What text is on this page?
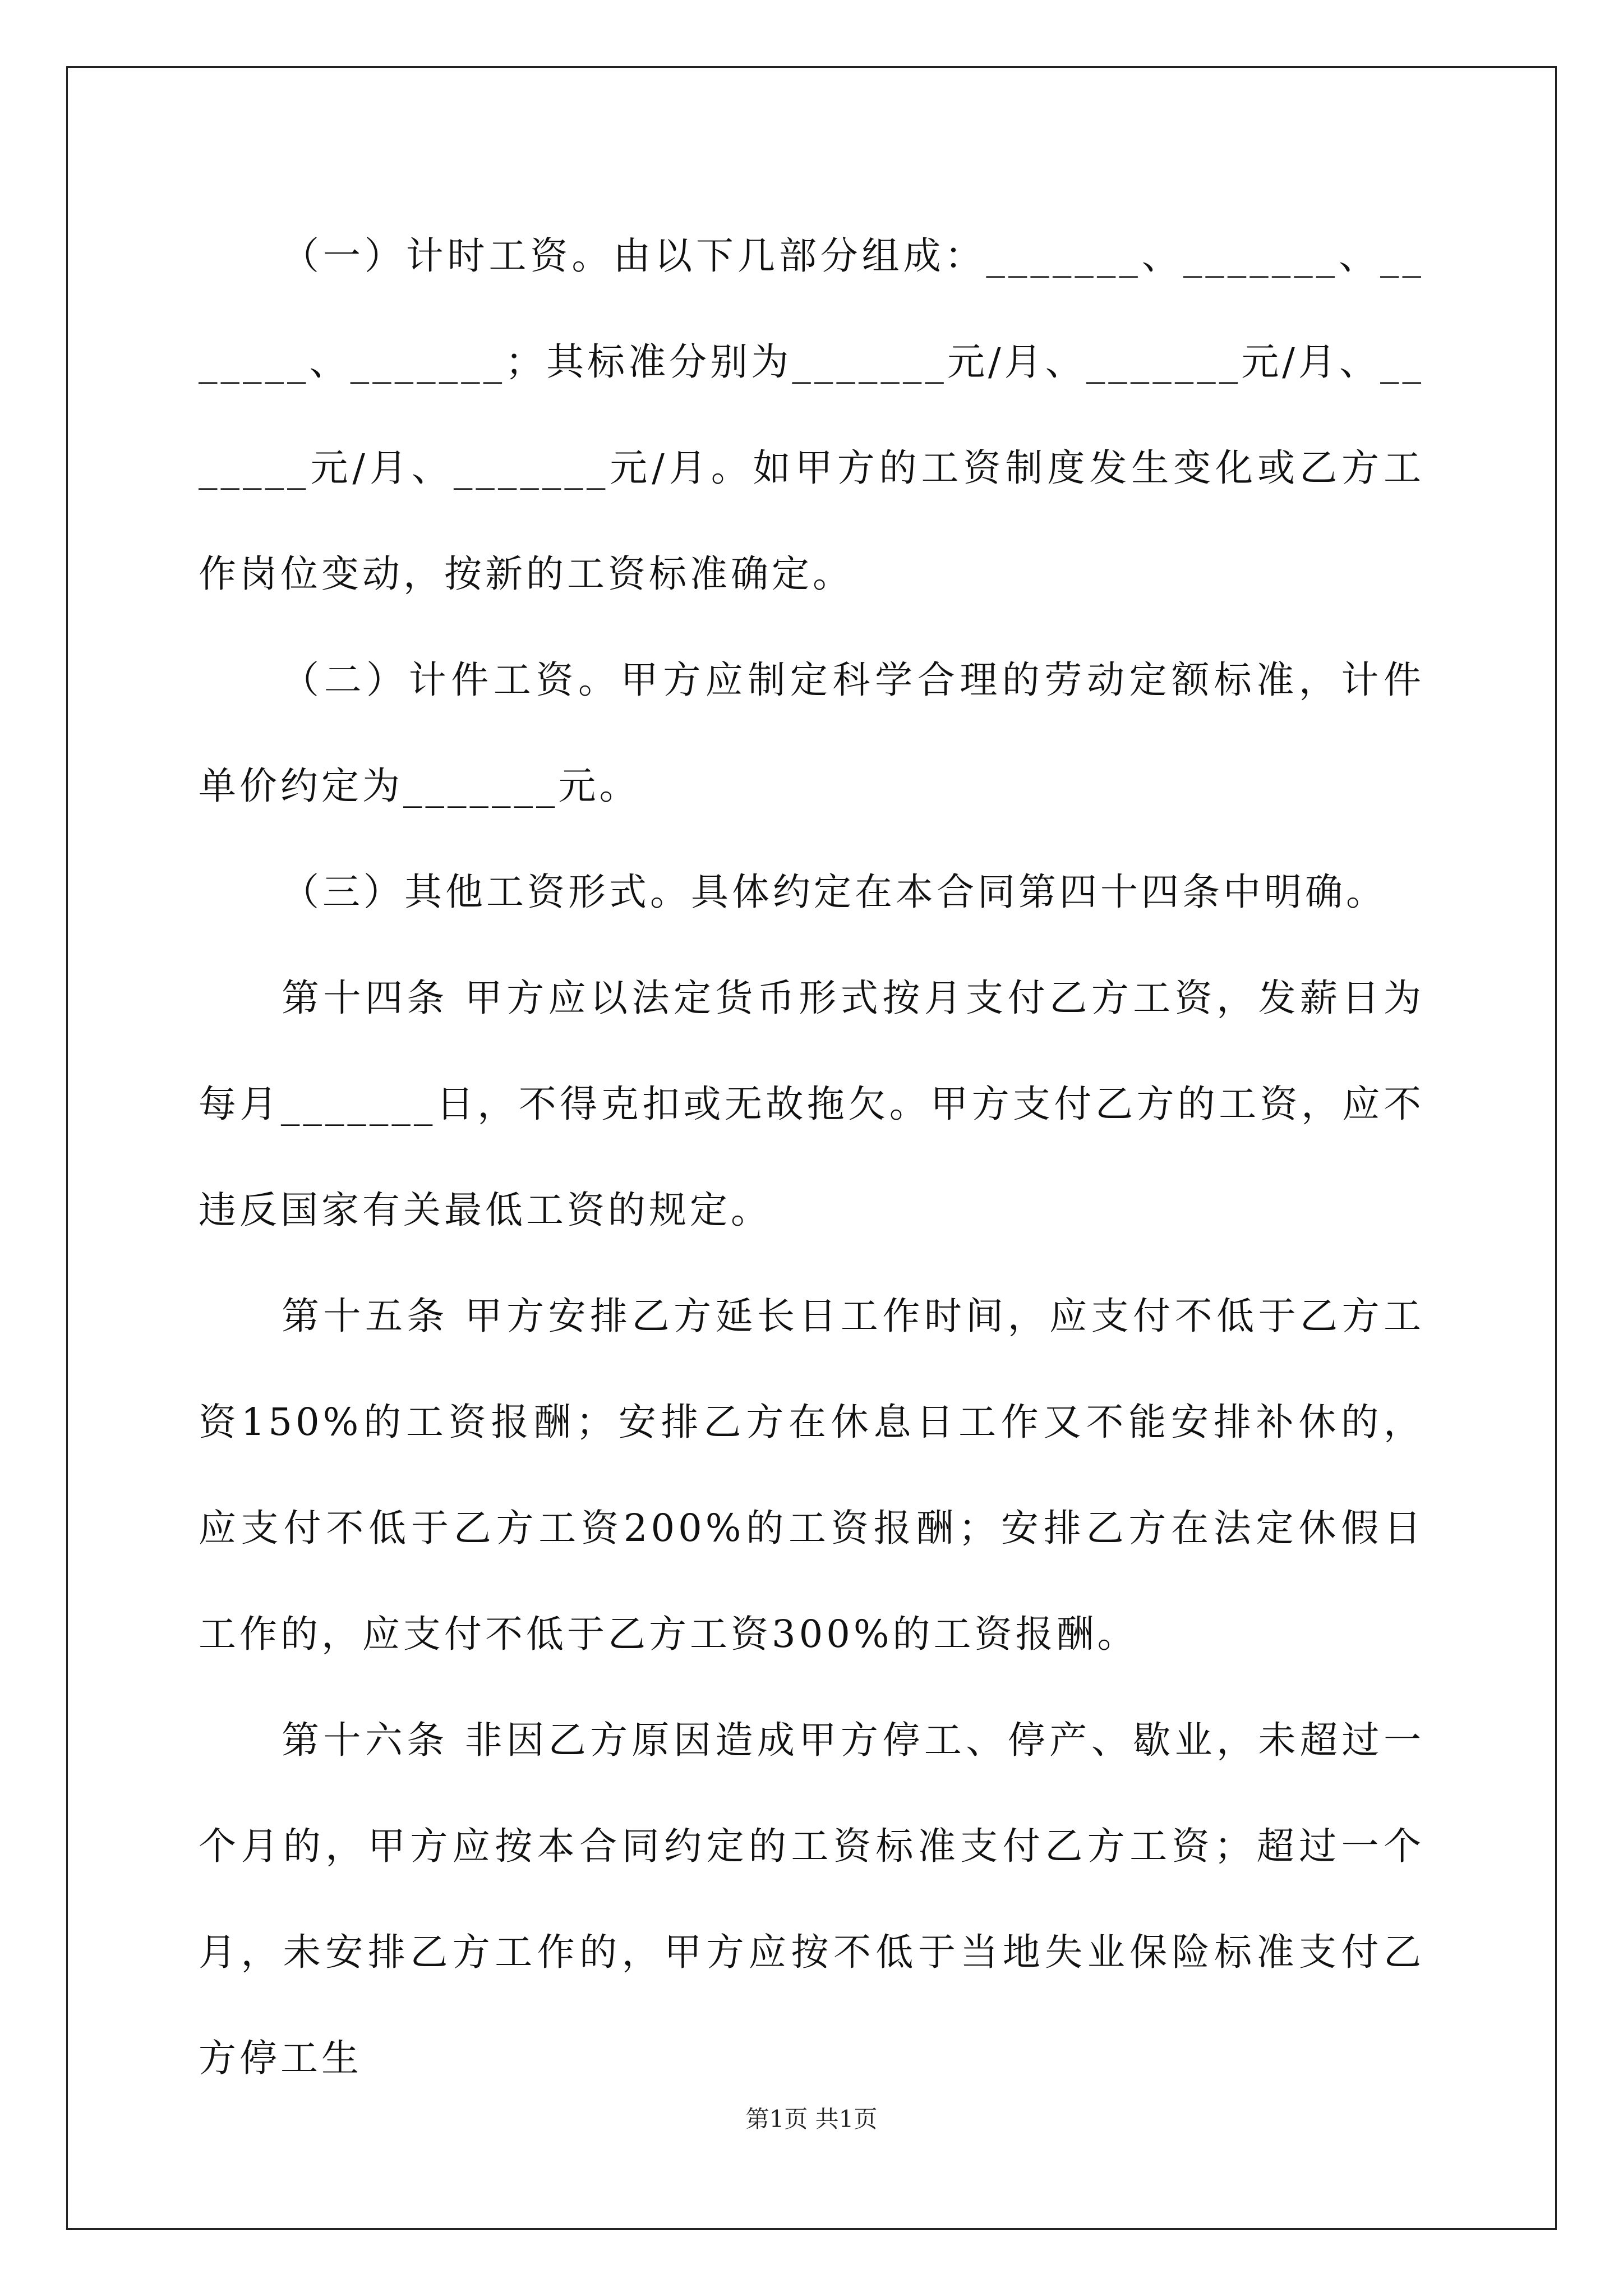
（一）计时工资。由以下几部分组成：_______、_______、_______、_______；其标准分别为_______元/月、_______元/月、_______元/月、_______元/月。如甲方的工资制度发生变化或乙方工作岗位变动，按新的工资标准确定。

（二）计件工资。甲方应制定科学合理的劳动定额标准，计件单价约定为_______元。

（三）其他工资形式。具体约定在本合同第四十四条中明确。

第十四条 甲方应以法定货币形式按月支付乙方工资，发薪日为每月_______日，不得克扣或无故拖欠。甲方支付乙方的工资，应不违反国家有关最低工资的规定。

第十五条 甲方安排乙方延长日工作时间，应支付不低于乙方工资150%的工资报酬；安排乙方在休息日工作又不能安排补休的，应支付不低于乙方工资200%的工资报酬；安排乙方在法定休假日工作的，应支付不低于乙方工资300%的工资报酬。

第十六条 非因乙方原因造成甲方停工、停产、歇业，未超过一个月的，甲方应按本合同约定的工资标准支付乙方工资；超过一个月，未安排乙方工作的，甲方应按不低于当地失业保险标准支付乙方停工生

第1页 共1页
